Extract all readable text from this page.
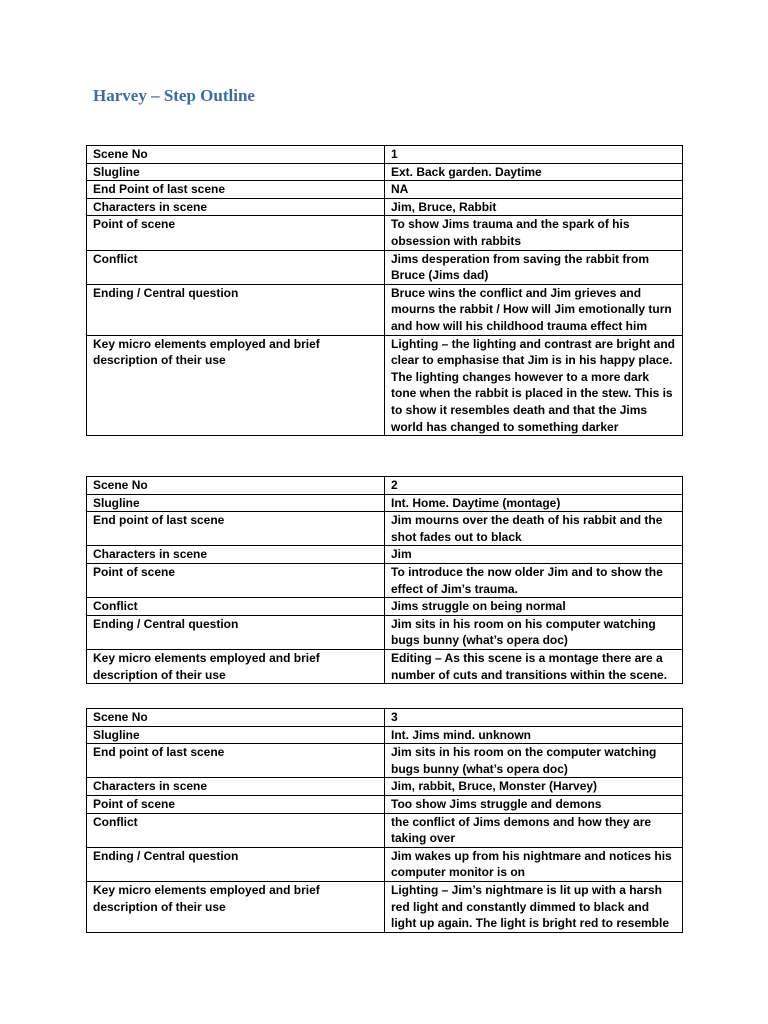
Harvey – Step Outline
Scene No	1
Slugline	Ext. Back garden. Daytime
End Point of last scene	NA
Characters in scene	Jim, Bruce, Rabbit
Point of scene	To show Jims trauma and the spark of his obsession with rabbits
Conflict	Jims desperation from saving the rabbit from Bruce (Jims dad)
Ending / Central question	Bruce wins the conflict and Jim grieves and mourns the rabbit / How will Jim emotionally turn and how will his childhood trauma effect him
Key micro elements employed and brief description of their use	Lighting – the lighting and contrast are bright and clear to emphasise that Jim is in his happy place. The lighting changes however to a more dark tone when the rabbit is placed in the stew. This is to show it resembles death and that the Jims world has changed to something darker
Scene No	2
Slugline	Int. Home. Daytime (montage)
End point of last scene	Jim mourns over the death of his rabbit and the shot fades out to black
Characters in scene	Jim
Point of scene	To introduce the now older Jim and to show the effect of Jim’s trauma.
Conflict	Jims struggle on being normal
Ending / Central question	Jim sits in his room on his computer watching bugs bunny (what’s opera doc)
Key micro elements employed and brief description of their use	Editing – As this scene is a montage there are a number of cuts and transitions within the scene.
Scene No	3
Slugline	Int. Jims mind. unknown
End point of last scene	Jim sits in his room on the computer watching bugs bunny (what’s opera doc)
Characters in scene	Jim, rabbit, Bruce, Monster (Harvey)
Point of scene	Too show Jims struggle and demons
Conflict	the conflict of Jims demons and how they are taking over
Ending / Central question	Jim wakes up from his nightmare and notices his computer monitor is on
Key micro elements employed and brief description of their use	Lighting – Jim’s nightmare is lit up with a harsh red light and constantly dimmed to black and light up again. The light is bright red to resemble
